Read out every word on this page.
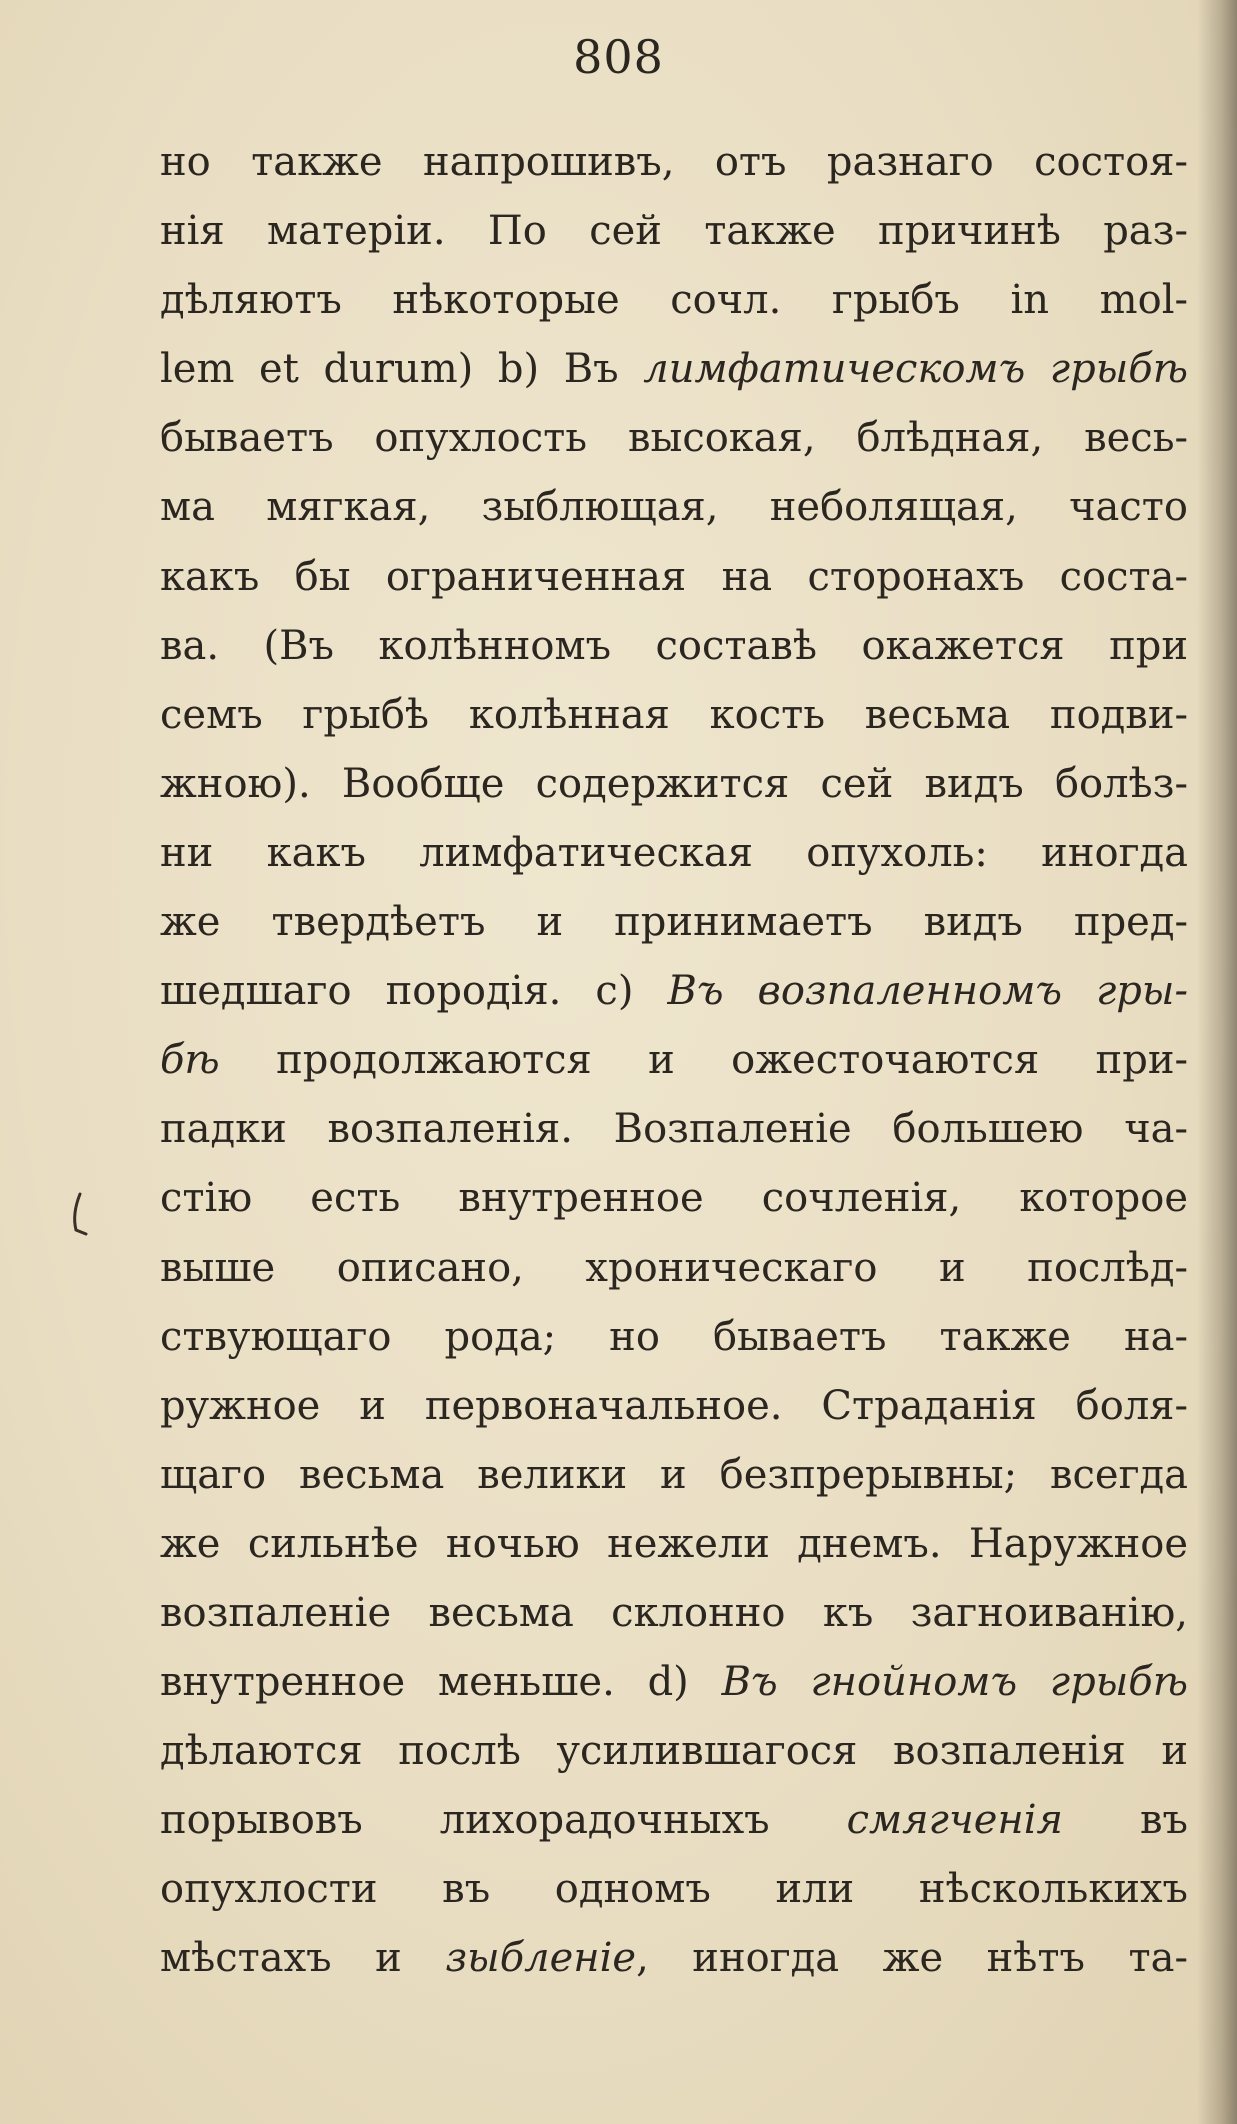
808
но также напрошивъ, отъ разнаго состоя-
нія матеріи. По сей также причинѣ раз-
дѣляютъ нѣкоторые сочл. грыбъ in mol-
lem et durum) b) Въ лимфатическомъ грыбѣ
бываетъ опухлость высокая, блѣдная, весь-
ма мягкая, зыблющая, неболящая, часто
какъ бы ограниченная на сторонахъ соста-
ва. (Въ колѣнномъ составѣ окажется при
семъ грыбѣ колѣнная кость весьма подви-
жною). Вообще содержится сей видъ болѣз-
ни какъ лимфатическая опухоль: иногда
же твердѣетъ и принимаетъ видъ пред-
шедшаго породія. c) Въ возпаленномъ гры-
бѣ продолжаются и ожесточаются при-
падки возпаленія. Возпаленіе большею ча-
стію есть внутренное сочленія, которое
выше описано, хроническаго и послѣд-
ствующаго рода; но бываетъ также на-
ружное и первоначальное. Страданія боля-
щаго весьма велики и безпрерывны; всегда
же сильнѣе ночью нежели днемъ. Наружное
возпаленіе весьма склонно къ загноиванію,
внутренное меньше. d) Въ гнойномъ грыбѣ
дѣлаются послѣ усилившагося возпаленія и
порывовъ лихорадочныхъ смягченія въ
опухлости въ одномъ или нѣсколькихъ
мѣстахъ и зыбленіе, иногда же нѣтъ та-
